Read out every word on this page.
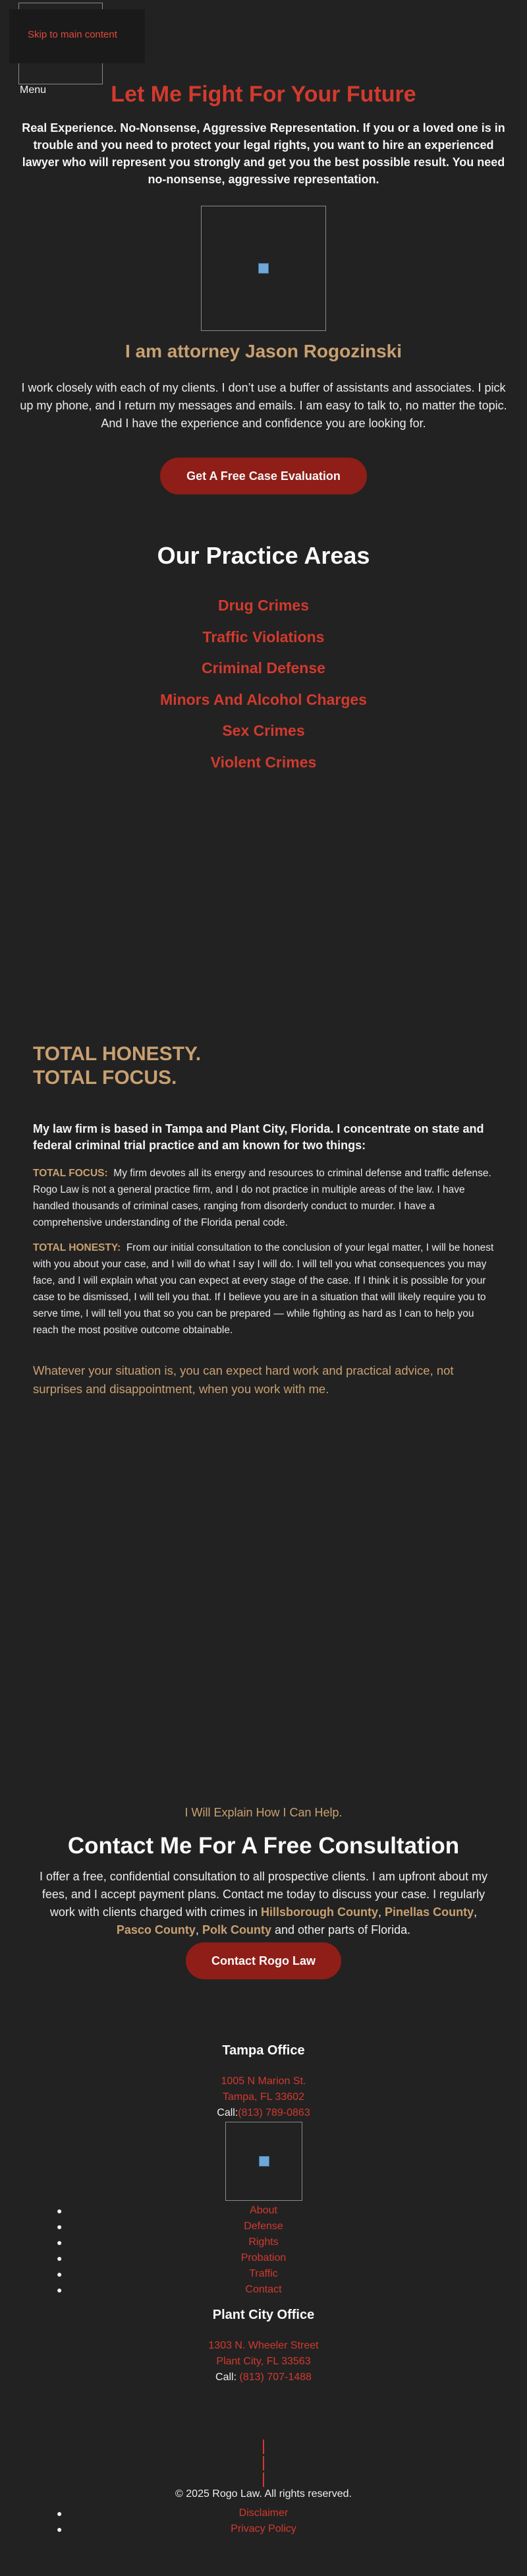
Skip to main content
Menu	Let Me Fight For Your Future

Real Experience. No-Nonsense, Aggressive Representation. If you or a loved one is in trouble and you need to protect your legal rights, you want to hire an experienced lawyer who will represent you strongly and get you the best possible result. You need no-nonsense, aggressive representation.

I am attorney Jason Rogozinski

I work closely with each of my clients. I don’t use a buffer of assistants and associates. I pick up my phone, and I return my messages and emails. I am easy to talk to, no matter the topic. And I have the experience and confidence you are looking for.

Get A Free Case Evaluation
Our Practice Areas
Drug Crimes
Traffic Violations
Criminal Defense
Minors And Alcohol Charges
Sex Crimes
Violent Crimes
TOTAL HONESTY.
TOTAL FOCUS.

My law firm is based in Tampa and Plant City, Florida. I concentrate on state and federal criminal trial practice and am known for two things:

TOTAL FOCUS: My firm devotes all its energy and resources to criminal defense and traffic defense. Rogo Law is not a general practice firm, and I do not practice in multiple areas of the law. I have handled thousands of criminal cases, ranging from disorderly conduct to murder. I have a comprehensive understanding of the Florida penal code.

TOTAL HONESTY: From our initial consultation to the conclusion of your legal matter, I will be honest with you about your case, and I will do what I say I will do. I will tell you what consequences you may face, and I will explain what you can expect at every stage of the case. If I think it is possible for your case to be dismissed, I will tell you that. If I believe you are in a situation that will likely require you to serve time, I will tell you that so you can be prepared — while fighting as hard as I can to help you reach the most positive outcome obtainable.

Whatever your situation is, you can expect hard work and practical advice, not surprises and disappointment, when you work with me.

I Will Explain How I Can Help.

Contact Me For A Free Consultation

I offer a free, confidential consultation to all prospective clients. I am upfront about my fees, and I accept payment plans. Contact me today to discuss your case. I regularly work with clients charged with crimes in Hillsborough County, Pinellas County, Pasco County, Polk County and other parts of Florida.

Contact Rogo Law
Tampa Office
1005 N Marion St.
Tampa, FL 33602
Call:(813) 789-0863
●	About
●	Defense
●	Rights
●	Probation
●	Traffic
●	Contact
Plant City Office
1303 N. Wheeler Street
Plant City, FL 33563
Call: (813) 707-1488

© 2025 Rogo Law. All rights reserved.

●	Disclaimer
●	Privacy Policy
